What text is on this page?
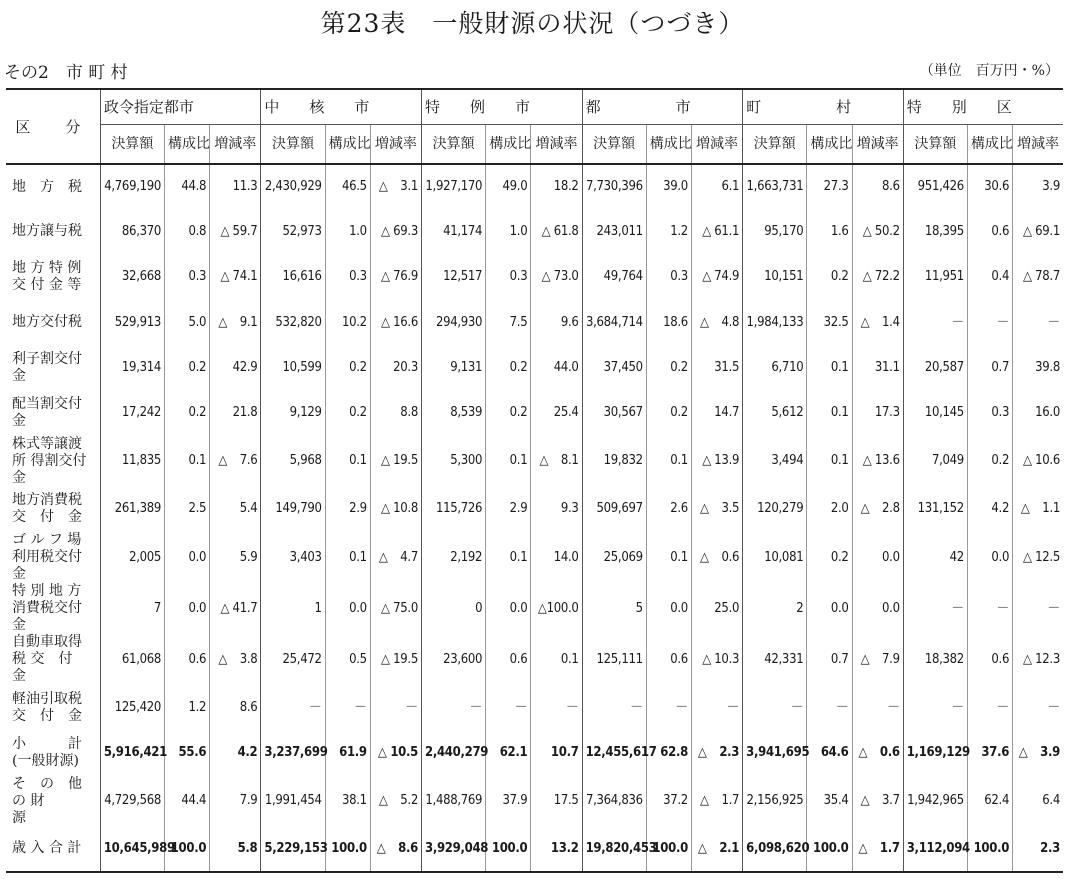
第23表　一般財源の状況（つづき）
その2　市 町 村	（単位　百万円・%）
区　分	政令指定都市			中　　核　　市			特　　例　　市			都　　　　　市			町　　　　　村			特　　別　　区		
	決算額	構成比	増減率	決算額	構成比	増減率	決算額	構成比	増減率	決算額	構成比	増減率	決算額	構成比	増減率	決算額	構成比	増減率
地　方　税	4,769,190	44.8	11.3	2,430,929	46.5	△　3.1	1,927,170	49.0	18.2	7,730,396	39.0	6.1	1,663,731	27.3	8.6	951,426	30.6	3.9
地方譲与税	86,370	0.8	△ 59.7	52,973	1.0	△ 69.3	41,174	1.0	△ 61.8	243,011	1.2	△ 61.1	95,170	1.6	△ 50.2	18,395	0.6	△ 69.1
地 方 特 例 交 付 金 等	32,668	0.3	△ 74.1	16,616	0.3	△ 76.9	12,517	0.3	△ 73.0	49,764	0.3	△ 74.9	10,151	0.2	△ 72.2	11,951	0.4	△ 78.7
地方交付税	529,913	5.0	△　9.1	532,820	10.2	△ 16.6	294,930	7.5	9.6	3,684,714	18.6	△　4.8	1,984,133	32.5	△　1.4	－	－	－
利子割交付金	19,314	0.2	42.9	10,599	0.2	20.3	9,131	0.2	44.0	37,450	0.2	31.5	6,710	0.1	31.1	20,587	0.7	39.8
配当割交付金	17,242	0.2	21.8	9,129	0.2	8.8	8,539	0.2	25.4	30,567	0.2	14.7	5,612	0.1	17.3	10,145	0.3	16.0
株式等譲渡所 得割交付金	11,835	0.1	△　7.6	5,968	0.1	△ 19.5	5,300	0.1	△　8.1	19,832	0.1	△ 13.9	3,494	0.1	△ 13.6	7,049	0.2	△ 10.6
地方消費税 交　付　金	261,389	2.5	5.4	149,790	2.9	△ 10.8	115,726	2.9	9.3	509,697	2.6	△　3.5	120,279	2.0	△　2.8	131,152	4.2	△　1.1
ゴ ル フ 場 利用税交付金	2,005	0.0	5.9	3,403	0.1	△　4.7	2,192	0.1	14.0	25,069	0.1	△　0.6	10,081	0.2	0.0	42	0.0	△ 12.5
特 別 地 方 消費税交付金	7	0.0	△ 41.7	1	0.0	△ 75.0	0	0.0	△100.0	5	0.0	25.0	2	0.0	0.0	－	－	－
自動車取得税 交　付　金	61,068	0.6	△　3.8	25,472	0.5	△ 19.5	23,600	0.6	0.1	125,111	0.6	△ 10.3	42,331	0.7	△　7.9	18,382	0.6	△ 12.3
軽油引取税 交　付　金	125,420	1.2	8.6	－	－	－	－	－	－	－	－	－	－	－	－	－	－	－
小　　　計 (一般財源)	5,916,421	55.6	4.2	3,237,699	61.9	△ 10.5	2,440,279	62.1	10.7	12,455,617	62.8	△　2.3	3,941,695	64.6	△　0.6	1,169,129	37.6	△　3.9
そ　の　他　の 財　　　　源	4,729,568	44.4	7.9	1,991,454	38.1	△　5.2	1,488,769	37.9	17.5	7,364,836	37.2	△　1.7	2,156,925	35.4	△　3.7	1,942,965	62.4	6.4
歳 入 合 計	10,645,989	100.0	5.8	5,229,153	100.0	△　8.6	3,929,048	100.0	13.2	19,820,453	100.0	△　2.1	6,098,620	100.0	△　1.7	3,112,094	100.0	2.3
